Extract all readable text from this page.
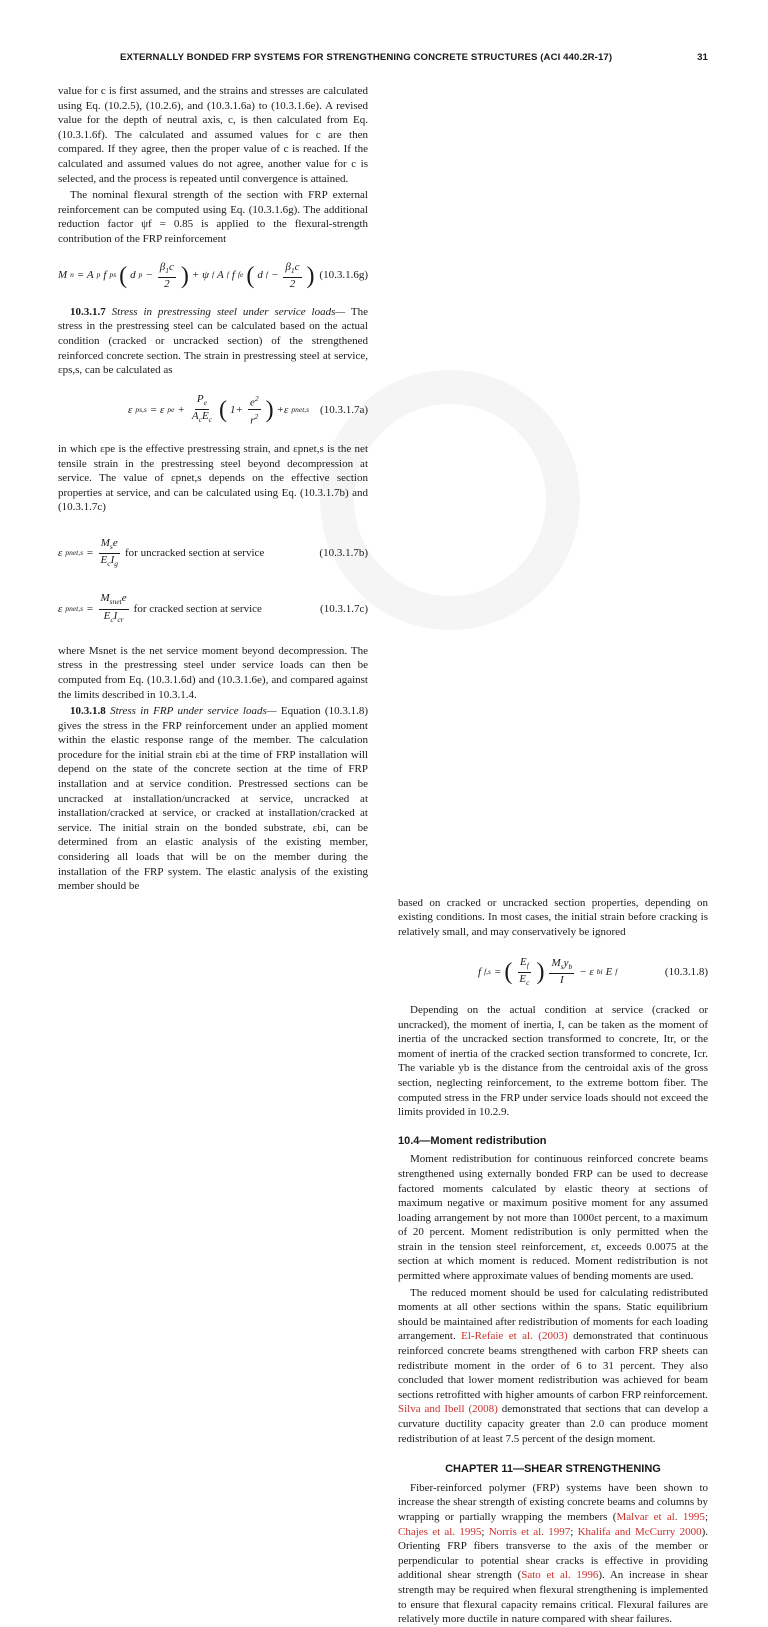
EXTERNALLY BONDED FRP SYSTEMS FOR STRENGTHENING CONCRETE STRUCTURES (ACI 440.2R-17)	31

value for c is first assumed, and the strains and stresses are calculated using Eq. (10.2.5), (10.2.6), and (10.3.1.6a) to (10.3.1.6e). A revised value for the depth of neutral axis, c, is then calculated from Eq. (10.3.1.6f). The calculated and assumed values for c are then compared. If they agree, then the proper value of c is reached. If the calculated and assumed values do not agree, another value for c is selected, and the process is repeated until convergence is attained.

The nominal flexural strength of the section with FRP external reinforcement can be computed using Eq. (10.3.1.6g). The additional reduction factor ψf = 0.85 is applied to the flexural-strength contribution of the FRP reinforcement

M n = A p f ps ( d $p - \frac{\beta_1c}{2}$ ) + ψ f A f f fe ( d $f - \frac{\beta_1c}{2}$ ) (10.3.1.6g)

10.3.1.7 Stress in prestressing steel under service loads— The stress in the prestressing steel can be calculated based on the actual condition (cracked or uncracked section) of the strengthened reinforced concrete section. The strain in prestressing steel at service, εps,s, can be calculated as

ε ps,s = ε pe + $\frac{P_e}{A_cE_c}$ ( $1+ \frac{e^2}{r^2}$ ) +ε pnet,s (10.3.1.7a)

in which εpe is the effective prestressing strain, and εpnet,s is the net tensile strain in the prestressing steel beyond decompression at service. The value of εpnet,s depends on the effective section properties at service, and can be calculated using Eq. (10.3.1.7b) and (10.3.1.7c)

ε pnet,s = $\frac{M_se}{E_cI_g}$ for uncracked section at service	(10.3.1.7b)
ε pnet,s = $\frac{M_{snet}e}{E_cI_{cr}}$ for cracked section at service	(10.3.1.7c)

where Msnet is the net service moment beyond decompression. The stress in the prestressing steel under service loads can then be computed from Eq. (10.3.1.6d) and (10.3.1.6e), and compared against the limits described in 10.3.1.4.

10.3.1.8 Stress in FRP under service loads— Equation (10.3.1.8) gives the stress in the FRP reinforcement under an applied moment within the elastic response range of the member. The calculation procedure for the initial strain εbi at the time of FRP installation will depend on the state of the concrete section at the time of FRP installation and at service condition. Prestressed sections can be uncracked at installation/uncracked at service, uncracked at installation/cracked at service, or cracked at installation/cracked at service. The initial strain on the bonded substrate, εbi, can be determined from an elastic analysis of the existing member, considering all loads that will be on the member during the installation of the FRP system. The elastic analysis of the existing member should be

based on cracked or uncracked section properties, depending on existing conditions. In most cases, the initial strain before cracking is relatively small, and may conservatively be ignored

f f,s = ( $\frac{E_f}{E_c}$ ) $\frac{M_sy_b}{I} - \varepsilon$ bi E f	(10.3.1.8)

Depending on the actual condition at service (cracked or uncracked), the moment of inertia, I, can be taken as the moment of inertia of the uncracked section transformed to concrete, Itr, or the moment of inertia of the cracked section transformed to concrete, Icr. The variable yb is the distance from the centroidal axis of the gross section, neglecting reinforcement, to the extreme bottom fiber. The computed stress in the FRP under service loads should not exceed the limits provided in 10.2.9.

10.4—Moment redistribution

Moment redistribution for continuous reinforced concrete beams strengthened using externally bonded FRP can be used to decrease factored moments calculated by elastic theory at sections of maximum negative or maximum positive moment for any assumed loading arrangement by not more than 1000εt percent, to a maximum of 20 percent. Moment redistribution is only permitted when the strain in the tension steel reinforcement, εt, exceeds 0.0075 at the section at which moment is reduced. Moment redistribution is not permitted where approximate values of bending moments are used.

The reduced moment should be used for calculating redistributed moments at all other sections within the spans. Static equilibrium should be maintained after redistribution of moments for each loading arrangement. El-Refaie et al. (2003) demonstrated that continuous reinforced concrete beams strengthened with carbon FRP sheets can redistribute moment in the order of 6 to 31 percent. They also concluded that lower moment redistribution was achieved for beam sections retrofitted with higher amounts of carbon FRP reinforcement. Silva and Ibell (2008) demonstrated that sections that can develop a curvature ductility capacity greater than 2.0 can produce moment redistribution of at least 7.5 percent of the design moment.

CHAPTER 11—SHEAR STRENGTHENING

Fiber-reinforced polymer (FRP) systems have been shown to increase the shear strength of existing concrete beams and columns by wrapping or partially wrapping the members (Malvar et al. 1995; Chajes et al. 1995; Norris et al. 1997; Khalifa and McCurry 2000). Orienting FRP fibers transverse to the axis of the member or perpendicular to potential shear cracks is effective in providing additional shear strength (Sato et al. 1996). An increase in shear strength may be required when flexural strengthening is implemented to ensure that flexural capacity remains critical. Flexural failures are relatively more ductile in nature compared with shear failures.
